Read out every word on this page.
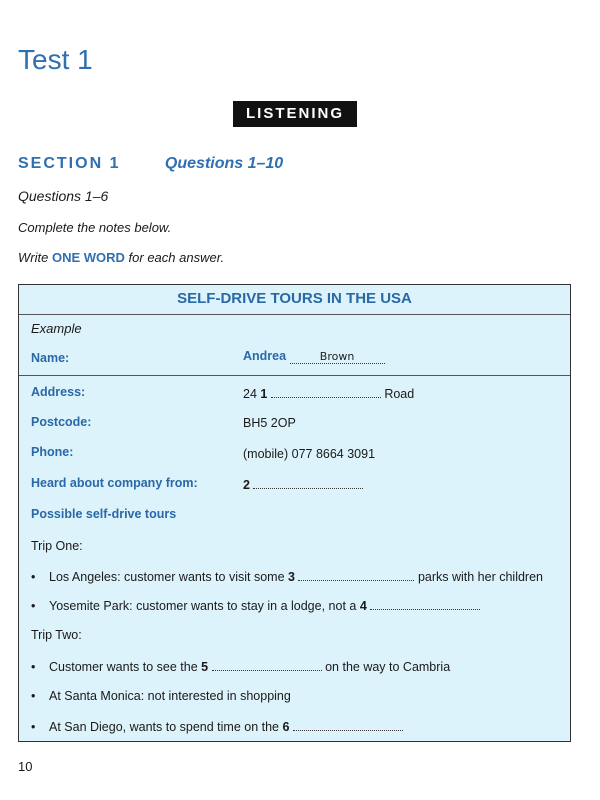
Test 1
LISTENING
SECTION 1	Questions 1–10
Questions 1–6
Complete the notes below.
Write ONE WORD for each answer.
SELF-DRIVE TOURS IN THE USA
Example
Name:	Andrea	Brown
Address:	24 1	Road
Postcode:	BH5 2OP
Phone:	(mobile) 077 8664 3091
Heard about company from:	2
Possible self-drive tours
Trip One:
• Los Angeles: customer wants to visit some 3	parks with her children
• Yosemite Park: customer wants to stay in a lodge, not a 4
Trip Two:
• Customer wants to see the 5	on the way to Cambria
• At Santa Monica: not interested in shopping
• At San Diego, wants to spend time on the 6
10
